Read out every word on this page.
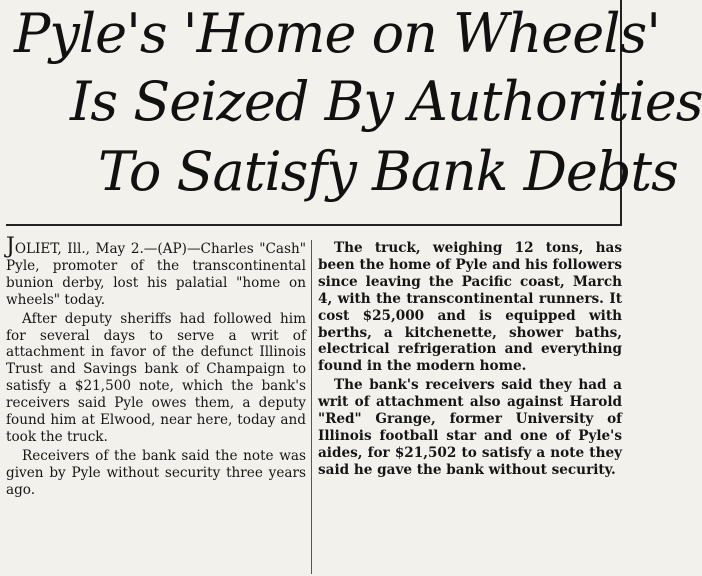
Pyle's 'Home on Wheels'
Is Seized By Authorities
To Satisfy Bank Debts

JOLIET, Ill., May 2.—(AP)—Charles "Cash" Pyle, promoter of the transcontinental bunion derby, lost his palatial "home on wheels" today.

After deputy sheriffs had followed him for several days to serve a writ of attachment in favor of the defunct Illinois Trust and Savings bank of Champaign to satisfy a $21,500 note, which the bank's receivers said Pyle owes them, a deputy found him at Elwood, near here, today and took the truck.

Receivers of the bank said the note was given by Pyle without security three years ago.

The truck, weighing 12 tons, has been the home of Pyle and his followers since leaving the Pacific coast, March 4, with the transcontinental runners. It cost $25,000 and is equipped with berths, a kitchenette, shower baths, electrical refrigeration and everything found in the modern home.

The bank's receivers said they had a writ of attachment also against Harold "Red" Grange, former University of Illinois football star and one of Pyle's aides, for $21,502 to satisfy a note they said he gave the bank without security.
